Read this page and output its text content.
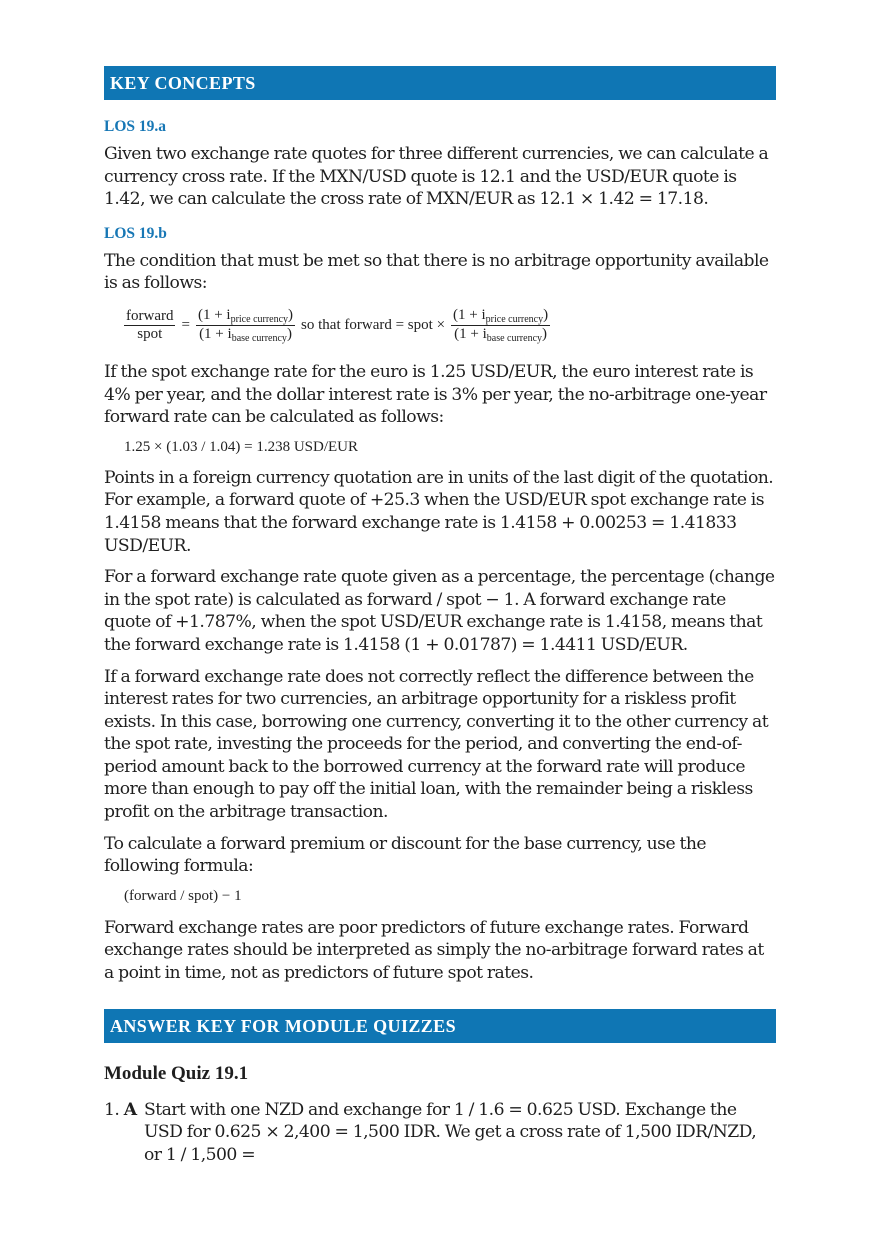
KEY CONCEPTS
LOS 19.a

Given two exchange rate quotes for three different currencies, we can calculate a currency cross rate. If the MXN/USD quote is 12.1 and the USD/EUR quote is 1.42, we can calculate the cross rate of MXN/EUR as 12.1 × 1.42 = 17.18.

LOS 19.b

The condition that must be met so that there is no arbitrage opportunity available is as follows:

$\frac{\text{forward}}{\text{spot}} = \frac{(1 + i_{price currency})}{(1 + i_{base currency})}$ so that forward = spot × $\frac{(1 + i_{price currency})}{(1 + i_{base currency})}$

If the spot exchange rate for the euro is 1.25 USD/EUR, the euro interest rate is 4% per year, and the dollar interest rate is 3% per year, the no-arbitrage one-year forward rate can be calculated as follows:

1.25 × (1.03 / 1.04) = 1.238 USD/EUR

Points in a foreign currency quotation are in units of the last digit of the quotation. For example, a forward quote of +25.3 when the USD/EUR spot exchange rate is 1.4158 means that the forward exchange rate is 1.4158 + 0.00253 = 1.41833 USD/EUR.

For a forward exchange rate quote given as a percentage, the percentage (change in the spot rate) is calculated as forward / spot − 1. A forward exchange rate quote of +1.787%, when the spot USD/EUR exchange rate is 1.4158, means that the forward exchange rate is 1.4158 (1 + 0.01787) = 1.4411 USD/EUR.

If a forward exchange rate does not correctly reflect the difference between the interest rates for two currencies, an arbitrage opportunity for a riskless profit exists. In this case, borrowing one currency, converting it to the other currency at the spot rate, investing the proceeds for the period, and converting the end-of-period amount back to the borrowed currency at the forward rate will produce more than enough to pay off the initial loan, with the remainder being a riskless profit on the arbitrage transaction.

To calculate a forward premium or discount for the base currency, use the following formula:

(forward / spot) − 1

Forward exchange rates are poor predictors of future exchange rates. Forward exchange rates should be interpreted as simply the no-arbitrage forward rates at a point in time, not as predictors of future spot rates.

ANSWER KEY FOR MODULE QUIZZES
Module Quiz 19.1

1. A Start with one NZD and exchange for 1 / 1.6 = 0.625 USD. Exchange the USD for 0.625 × 2,400 = 1,500 IDR. We get a cross rate of 1,500 IDR/NZD, or 1 / 1,500 =
